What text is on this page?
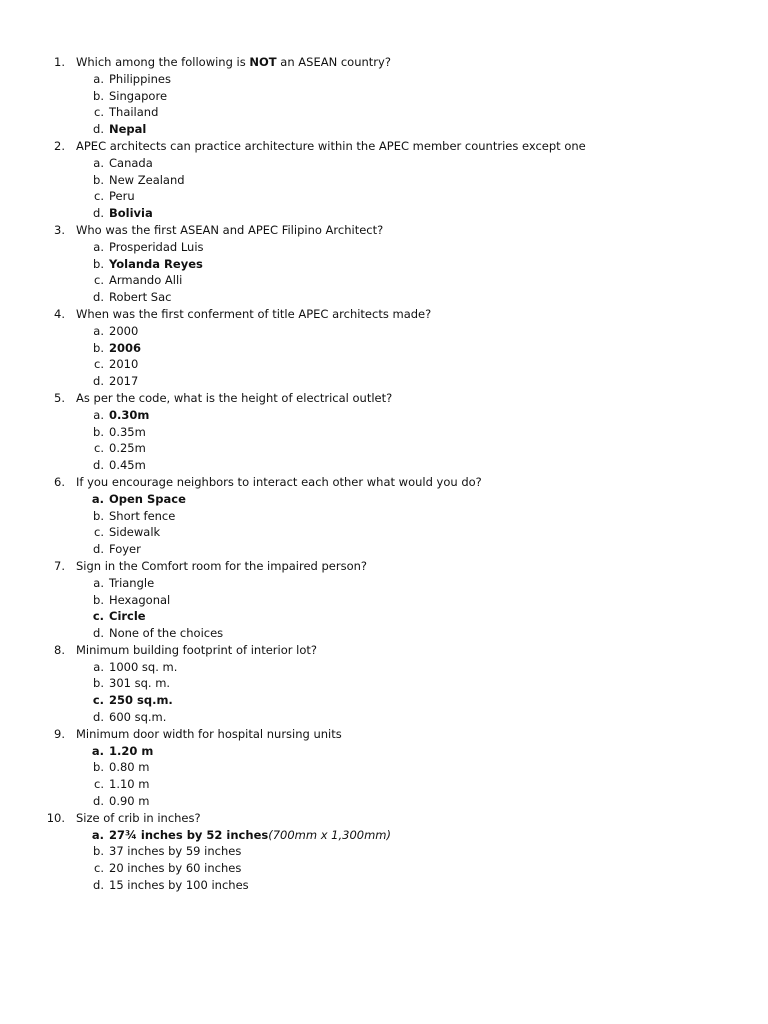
1. Which among the following is NOT an ASEAN country?
a. Philippines
b. Singapore
c. Thailand
d. Nepal
2. APEC architects can practice architecture within the APEC member countries except one
a. Canada
b. New Zealand
c. Peru
d. Bolivia
3. Who was the first ASEAN and APEC Filipino Architect?
a. Prosperidad Luis
b. Yolanda Reyes
c. Armando Alli
d. Robert Sac
4. When was the first conferment of title APEC architects made?
a. 2000
b. 2006
c. 2010
d. 2017
5. As per the code, what is the height of electrical outlet?
a. 0.30m
b. 0.35m
c. 0.25m
d. 0.45m
6. If you encourage neighbors to interact each other what would you do?
a. Open Space
b. Short fence
c. Sidewalk
d. Foyer
7. Sign in the Comfort room for the impaired person?
a. Triangle
b. Hexagonal
c. Circle
d. None of the choices
8. Minimum building footprint of interior lot?
a. 1000 sq. m.
b. 301 sq. m.
c. 250 sq.m.
d. 600 sq.m.
9. Minimum door width for hospital nursing units
a. 1.20 m
b. 0.80 m
c. 1.10 m
d. 0.90 m
10. Size of crib in inches?
a. 27¾ inches by 52 inches (700mm x 1,300mm)
b. 37 inches by 59 inches
c. 20 inches by 60 inches
d. 15 inches by 100 inches
